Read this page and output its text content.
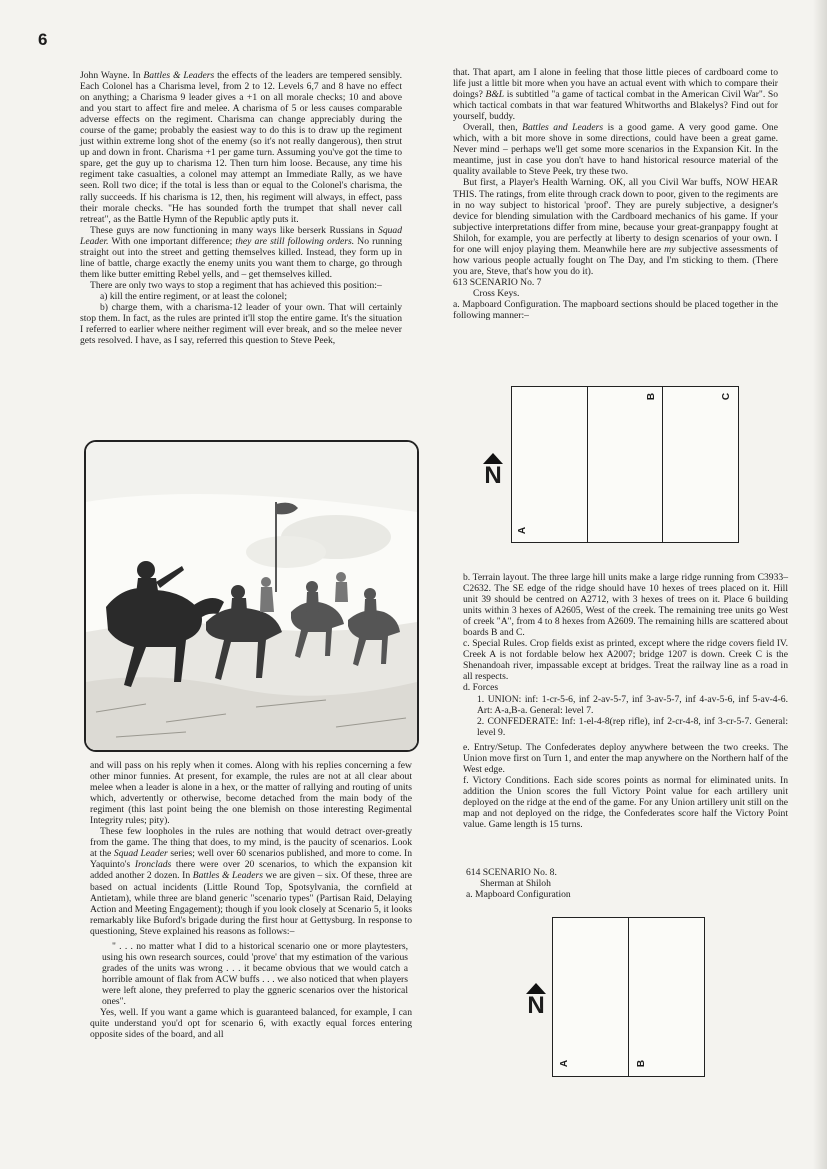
6

John Wayne. In Battles & Leaders the effects of the leaders are tempered sensibly. Each Colonel has a Charisma level, from 2 to 12. Levels 6,7 and 8 have no effect on anything; a Charisma 9 leader gives a +1 on all morale checks; 10 and above and you start to affect fire and melee. A charisma of 5 or less causes comparable adverse effects on the regiment. Charisma can change appreciably during the course of the game; probably the easiest way to do this is to draw up the regiment just within extreme long shot of the enemy (so it's not really dangerous), then strut up and down in front. Charisma +1 per game turn. Assuming you've got the time to spare, get the guy up to charisma 12. Then turn him loose. Because, any time his regiment take casualties, a colonel may attempt an Immediate Rally, as we have seen. Roll two dice; if the total is less than or equal to the Colonel's charisma, the rally succeeds. If his charisma is 12, then, his regiment will always, in effect, pass their morale checks. "He has sounded forth the trumpet that shall never call retreat", as the Battle Hymn of the Republic aptly puts it.

These guys are now functioning in many ways like berserk Russians in Squad Leader. With one important difference; they are still following orders. No running straight out into the street and getting themselves killed. Instead, they form up in line of battle, charge exactly the enemy units you want them to charge, go through them like butter emitting Rebel yells, and – get themselves killed.

There are only two ways to stop a regiment that has achieved this position:–

a) kill the entire regiment, or at least the colonel;

b) charge them, with a charisma-12 leader of your own. That will certainly stop them. In fact, as the rules are printed it'll stop the entire game. It's the situation I referred to earlier where neither regiment will ever break, and so the melee never gets resolved. I have, as I say, referred this question to Steve Peek,

and will pass on his reply when it comes. Along with his replies concerning a few other minor funnies. At present, for example, the rules are not at all clear about melee when a leader is alone in a hex, or the matter of rallying and routing of units which, advertently or otherwise, become detached from the main body of the regiment (this last point being the one blemish on those interesting Regimental Integrity rules; pity).

These few loopholes in the rules are nothing that would detract over-greatly from the game. The thing that does, to my mind, is the paucity of scenarios. Look at the Squad Leader series; well over 60 scenarios published, and more to come. In Yaquinto's Ironclads there were over 20 scenarios, to which the expansion kit added another 2 dozen. In Battles & Leaders we are given – six. Of these, three are based on actual incidents (Little Round Top, Spotsylvania, the cornfield at Antietam), while three are bland generic "scenario types" (Partisan Raid, Delaying Action and Meeting Engagement); though if you look closely at Scenario 5, it looks remarkably like Buford's brigade during the first hour at Gettysburg. In response to questioning, Steve explained his reasons as follows:–

" . . . no matter what I did to a historical scenario one or more playtesters, using his own research sources, could 'prove' that my estimation of the various grades of the units was wrong . . . it became obvious that we would catch a horrible amount of flak from ACW buffs . . . we also noticed that when players were left alone, they preferred to play the ggneric scenarios over the historical ones".

Yes, well. If you want a game which is guaranteed balanced, for example, I can quite understand you'd opt for scenario 6, with exactly equal forces entering opposite sides of the board, and all

that. That apart, am I alone in feeling that those little pieces of cardboard come to life just a little bit more when you have an actual event with which to compare their doings? B&L is subtitled "a game of tactical combat in the American Civil War". So which tactical combats in that war featured Whitworths and Blakelys? Find out for yourself, buddy.

Overall, then, Battles and Leaders is a good game. A very good game. One which, with a bit more shove in some directions, could have been a great game. Never mind – perhaps we'll get some more scenarios in the Expansion Kit. In the meantime, just in case you don't have to hand historical resource material of the quality available to Steve Peek, try these two.

But first, a Player's Health Warning. OK, all you Civil War buffs, NOW HEAR THIS. The ratings, from elite through crack down to poor, given to the regiments are in no way subject to historical 'proof'. They are purely subjective, a designer's device for blending simulation with the Cardboard mechanics of his game. If your subjective interpretations differ from mine, because your great-granpappy fought at Shiloh, for example, you are perfectly at liberty to design scenarios of your own. I for one will enjoy playing them. Meanwhile here are my subjective assessments of how various people actually fought on The Day, and I'm sticking to them. (There you are, Steve, that's how you do it).

613 SCENARIO No. 7

Cross Keys.

a. Mapboard Configuration. The mapboard sections should be placed together in the following manner:–

N
A
B	C

b. Terrain layout. The three large hill units make a large ridge running from C3933–C2632. The SE edge of the ridge should have 10 hexes of trees placed on it. Hill unit 39 should be centred on A2712, with 3 hexes of trees on it. Place 6 building units within 3 hexes of A2605, West of the creek. The remaining tree units go West of creek "A", from 4 to 8 hexes from A2609. The remaining hills are scattered about boards B and C.

c. Special Rules. Crop fields exist as printed, except where the ridge covers field IV. Creek A is not fordable below hex A2007; bridge 1207 is down. Creek C is the Shenandoah river, impassable except at bridges. Treat the railway line as a road in all respects.

d. Forces

1. UNION: inf: 1-cr-5-6, inf 2-av-5-7, inf 3-av-5-7, inf 4-av-5-6, inf 5-av-4-6. Art: A-a,B-a. General: level 7.

2. CONFEDERATE: Inf: 1-el-4-8(rep rifle), inf 2-cr-4-8, inf 3-cr-5-7. General: level 9.

e. Entry/Setup. The Confederates deploy anywhere between the two creeks. The Union move first on Turn 1, and enter the map anywhere on the Northern half of the West edge.

f. Victory Conditions. Each side scores points as normal for eliminated units. In addition the Union scores the full Victory Point value for each artillery unit deployed on the ridge at the end of the game. For any Union artillery unit still on the map and not deployed on the ridge, the Confederates score half the Victory Point value. Game length is 15 turns.

614 SCENARIO No. 8.

Sherman at Shiloh

a. Mapboard Configuration

N
A	B
